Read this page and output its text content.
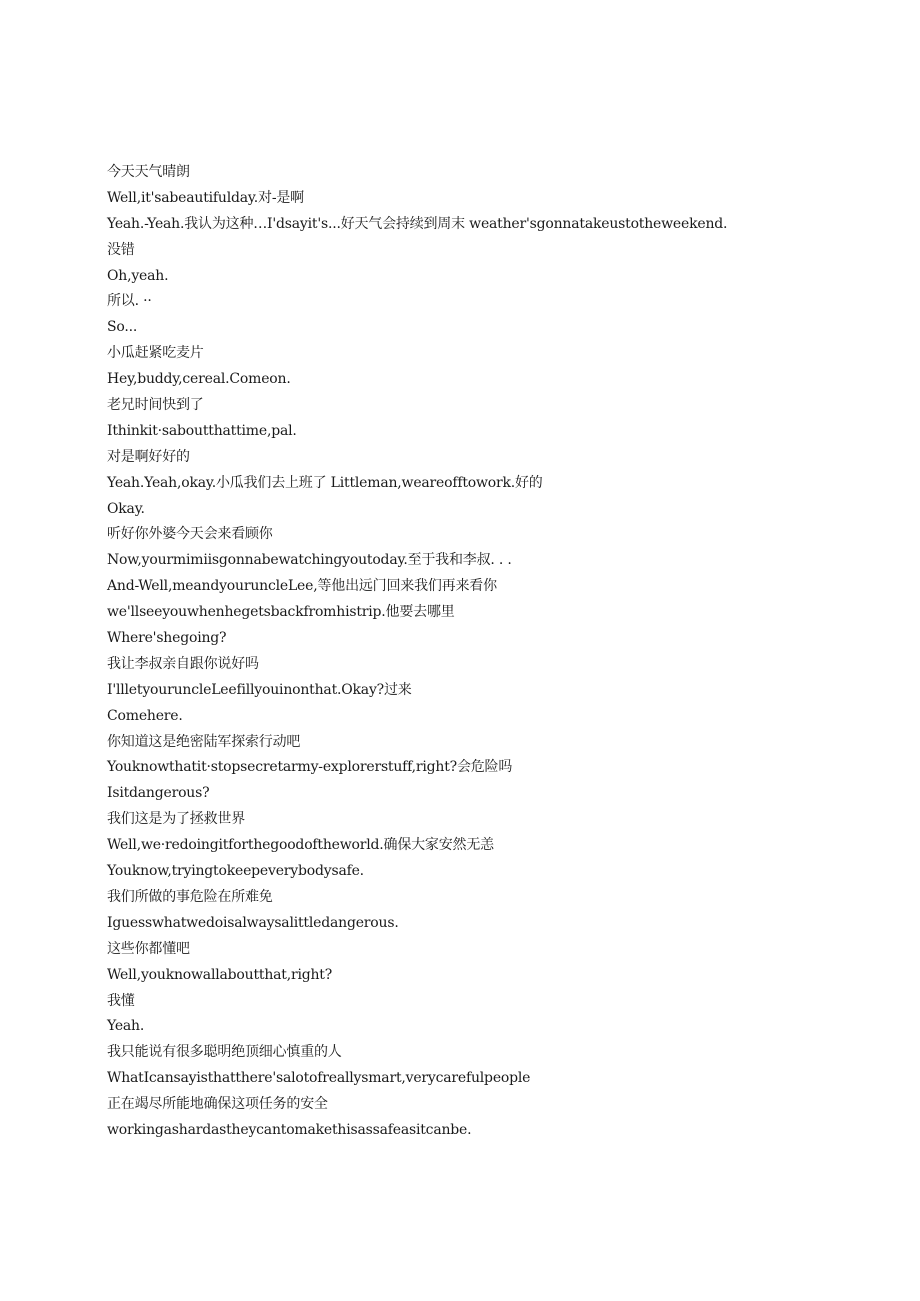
今天天气晴朗
Well,it'sabeautifulday.对-是啊
Yeah.-Yeah.我认为这种…I'dsayit's...好天气会持续到周末 weather'sgonnatakeustotheweekend.
没错
Oh,yeah.
所以. ··
So...
小瓜赶紧吃麦片
Hey,buddy,cereal.Comeon.
老兄时间快到了
Ithinkit·saboutthattime,pal.
对是啊好好的
Yeah.Yeah,okay.小瓜我们去上班了 Littleman,weareofftowork.好的
Okay.
听好你外婆今天会来看顾你
Now,yourmimiisgonnabewatchingyoutoday.至于我和李叔. . .
And-Well,meandyouruncleLee,等他出远门回来我们再来看你
we'llseeyouwhenhegetsbackfromhistrip.他要去哪里
Where'shegoing?
我让李叔亲自跟你说好吗
I'llletyouruncleLeefillyouinonthat.Okay?过来
Comehere.
你知道这是绝密陆军探索行动吧
Youknowthatit·stopsecretarmy-explorerstuff,right?会危险吗
Isitdangerous?
我们这是为了拯救世界
Well,we·redoingitforthegoodoftheworld.确保大家安然无恙
Youknow,tryingtokeepeverybodysafe.
我们所做的事危险在所难免
Iguesswhatwedoisalwaysalittledangerous.
这些你都懂吧
Well,youknowallaboutthat,right?
我懂
Yeah.
我只能说有很多聪明绝顶细心慎重的人
WhatIcansayisthatthere'salotofreallysmart,verycarefulpeople
正在竭尽所能地确保这项任务的安全
workingashardastheycantomakethisassafeasitcanbe.
